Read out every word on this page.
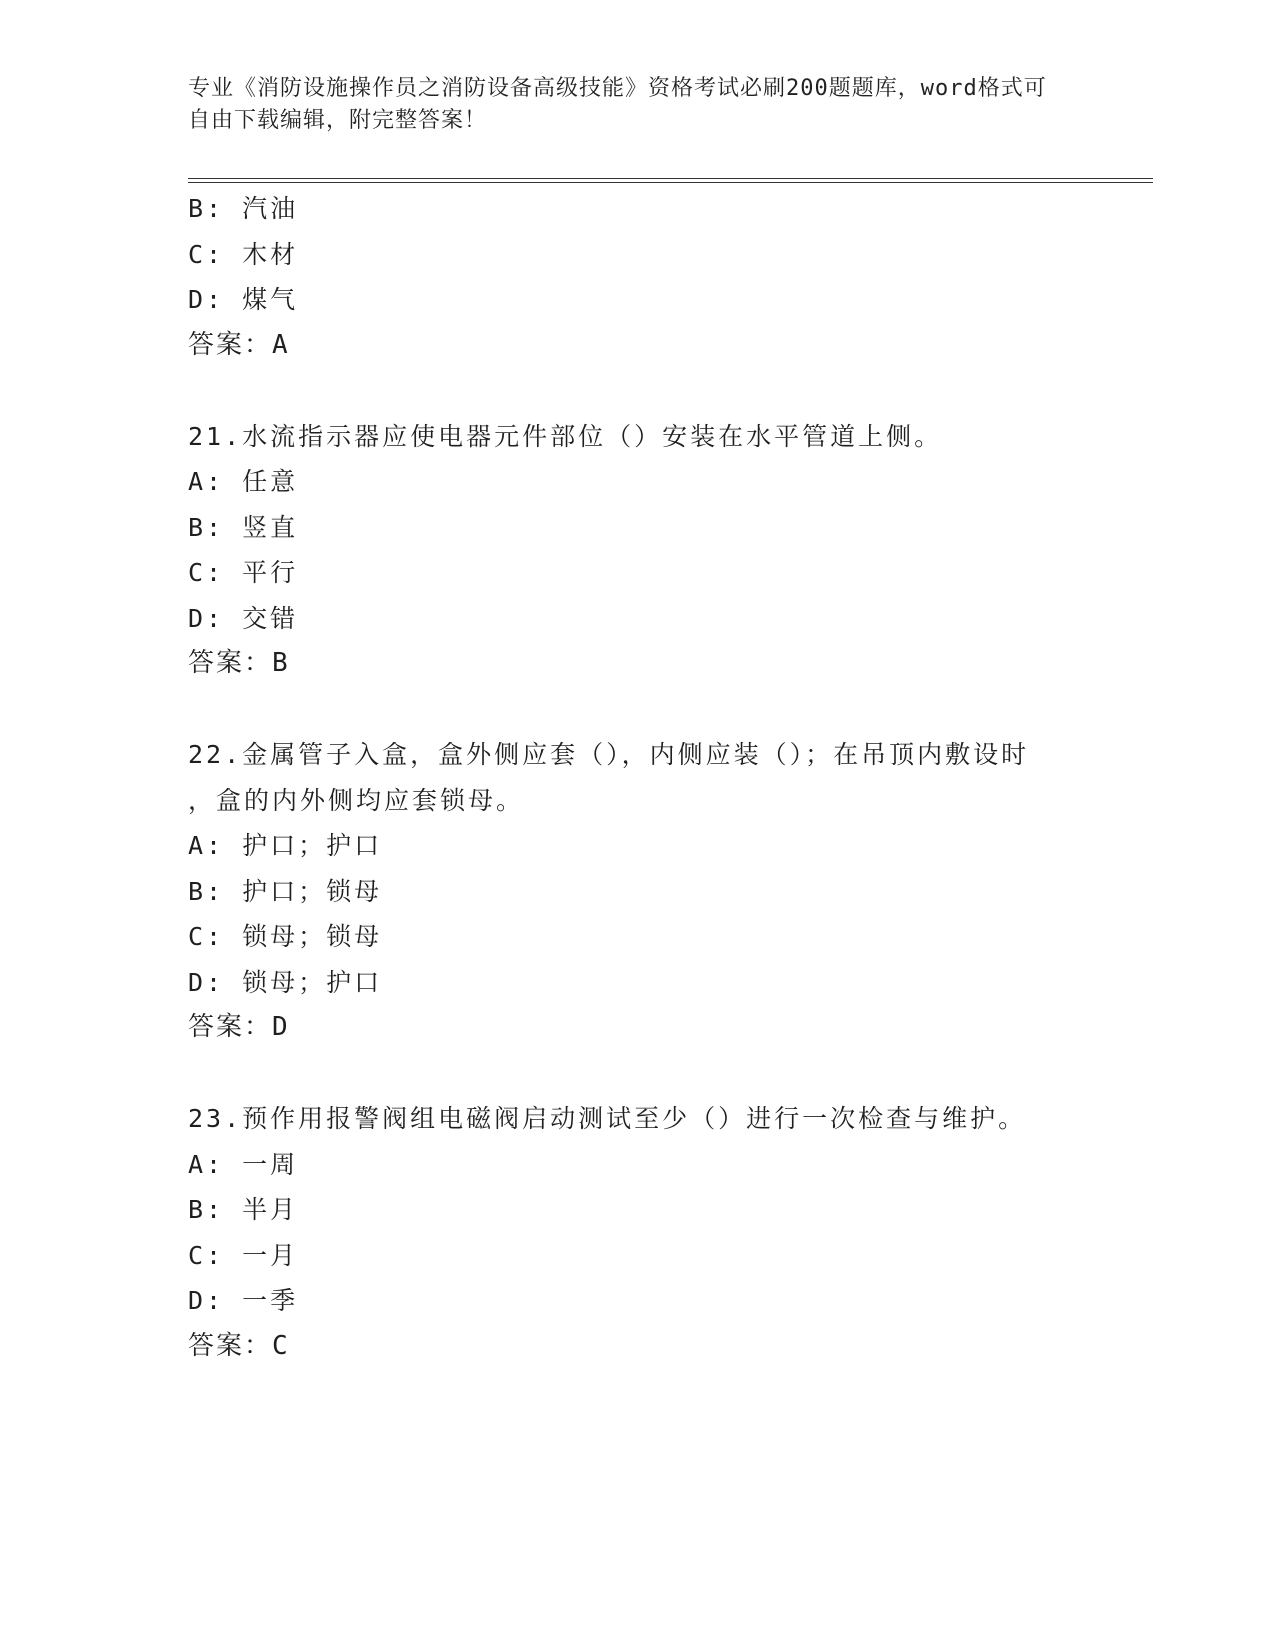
专业《消防设施操作员之消防设备高级技能》资格考试必刷200题题库，word格式可自由下载编辑，附完整答案！
B: 汽油
C: 木材
D: 煤气
答案：A
21.水流指示器应使电器元件部位（）安装在水平管道上侧。
A: 任意
B: 竖直
C: 平行
D: 交错
答案：B
22.金属管子入盒，盒外侧应套（），内侧应装（）；在吊顶内敷设时
，盒的内外侧均应套锁母。
A: 护口；护口
B: 护口；锁母
C: 锁母；锁母
D: 锁母；护口
答案：D
23.预作用报警阀组电磁阀启动测试至少（）进行一次检查与维护。
A: 一周
B: 半月
C: 一月
D: 一季
答案：C
